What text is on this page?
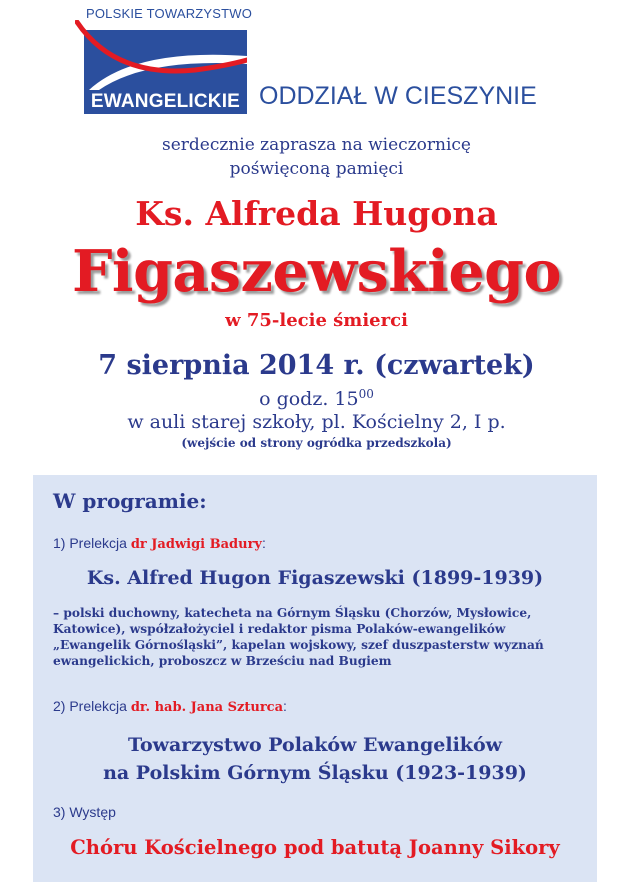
POLSKIE TOWARZYSTWO
EWANGELICKIE ODDZIAŁ W CIESZYNIE
serdecznie zaprasza na wieczornicę
poświęconą pamięci
Ks. Alfreda Hugona
Figaszewskiego
w 75-lecie śmierci
7 sierpnia 2014 r. (czwartek)
o godz. $15^{00}$
w auli starej szkoły, pl. Kościelny 2, I p.
(wejście od strony ogródka przedszkola)
W programie:
1) Prelekcja dr Jadwigi Badury:
Ks. Alfred Hugon Figaszewski (1899-1939)
– polski duchowny, katecheta na Górnym Śląsku (Chorzów, Mysłowice, Katowice), współzałożyciel i redaktor pisma Polaków-ewangelików „Ewangelik Górnośląski”, kapelan wojskowy, szef duszpasterstw wyznań ewangelickich, proboszcz w Brześciu nad Bugiem
2) Prelekcja dr. hab. Jana Szturca:
Towarzystwo Polaków Ewangelików
na Polskim Górnym Śląsku (1923-1939)
3) Występ
Chóru Kościelnego pod batutą Joanny Sikory
